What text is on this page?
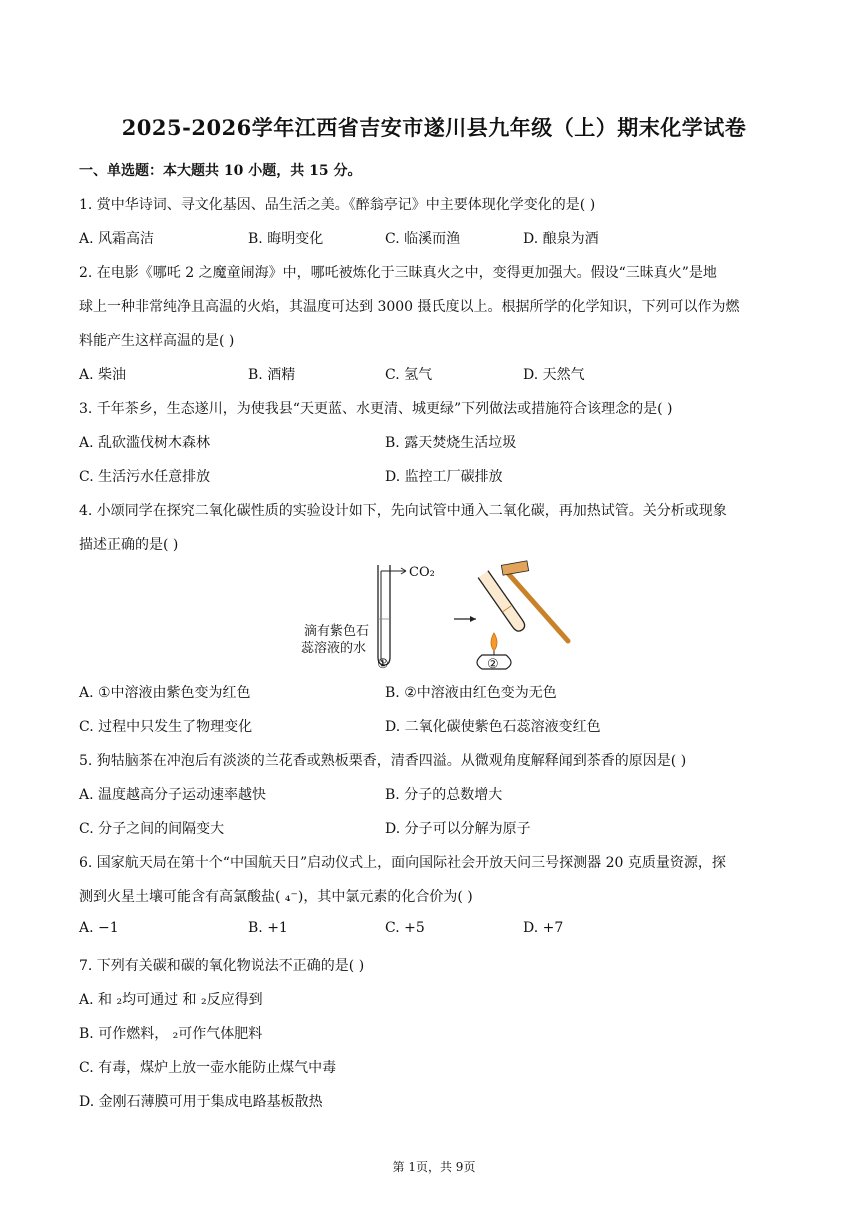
2025-2026学年江西省吉安市遂川县九年级（上）期末化学试卷
一、单选题：本大题共 10 小题，共 15 分。
1. 赏中华诗词、寻文化基因、品生活之美。《醉翁亭记》中主要体现化学变化的是( )
A. 风霜高洁	B. 晦明变化	C. 临溪而渔	D. 酿泉为酒
2. 在电影《哪吒 2 之魔童闹海》中，哪吒被炼化于三昧真火之中，变得更加强大。假设“三昧真火”是地
球上一种非常纯净且高温的火焰，其温度可达到 3000 摄氏度以上。根据所学的化学知识，下列可以作为燃
料能产生这样高温的是( )
A. 柴油	B. 酒精	C. 氢气	D. 天然气
3. 千年茶乡，生态遂川，为使我县“天更蓝、水更清、城更绿”下列做法或措施符合该理念的是( )
A. 乱砍滥伐树木森林	B. 露天焚烧生活垃圾
C. 生活污水任意排放	D. 监控工厂碳排放
4. 小颂同学在探究二氧化碳性质的实验设计如下，先向试管中通入二氧化碳，再加热试管。关分析或现象
描述正确的是( )
CO₂
滴有紫色石
蕊溶液的水
①	②
A. ①中溶液由紫色变为红色	B. ②中溶液由红色变为无色
C. 过程中只发生了物理变化	D. 二氧化碳使紫色石蕊溶液变红色
5. 狗牯脑茶在冲泡后有淡淡的兰花香或熟板栗香，清香四溢。从微观角度解释闻到茶香的原因是( )
A. 温度越高分子运动速率越快	B. 分子的总数增大
C. 分子之间的间隔变大	D. 分子可以分解为原子
6. 国家航天局在第十个“中国航天日”启动仪式上，面向国际社会开放天问三号探测器 20 克质量资源，探
测到火星土壤可能含有高氯酸盐( ₄⁻)，其中氯元素的化合价为( )
A. −1	B. +1	C. +5	D. +7
7. 下列有关碳和碳的氧化物说法不正确的是( )
A. 和 ₂均可通过 和 ₂反应得到
B. 可作燃料， ₂可作气体肥料
C. 有毒，煤炉上放一壶水能防止煤气中毒
D. 金刚石薄膜可用于集成电路基板散热
第 1页，共 9页
